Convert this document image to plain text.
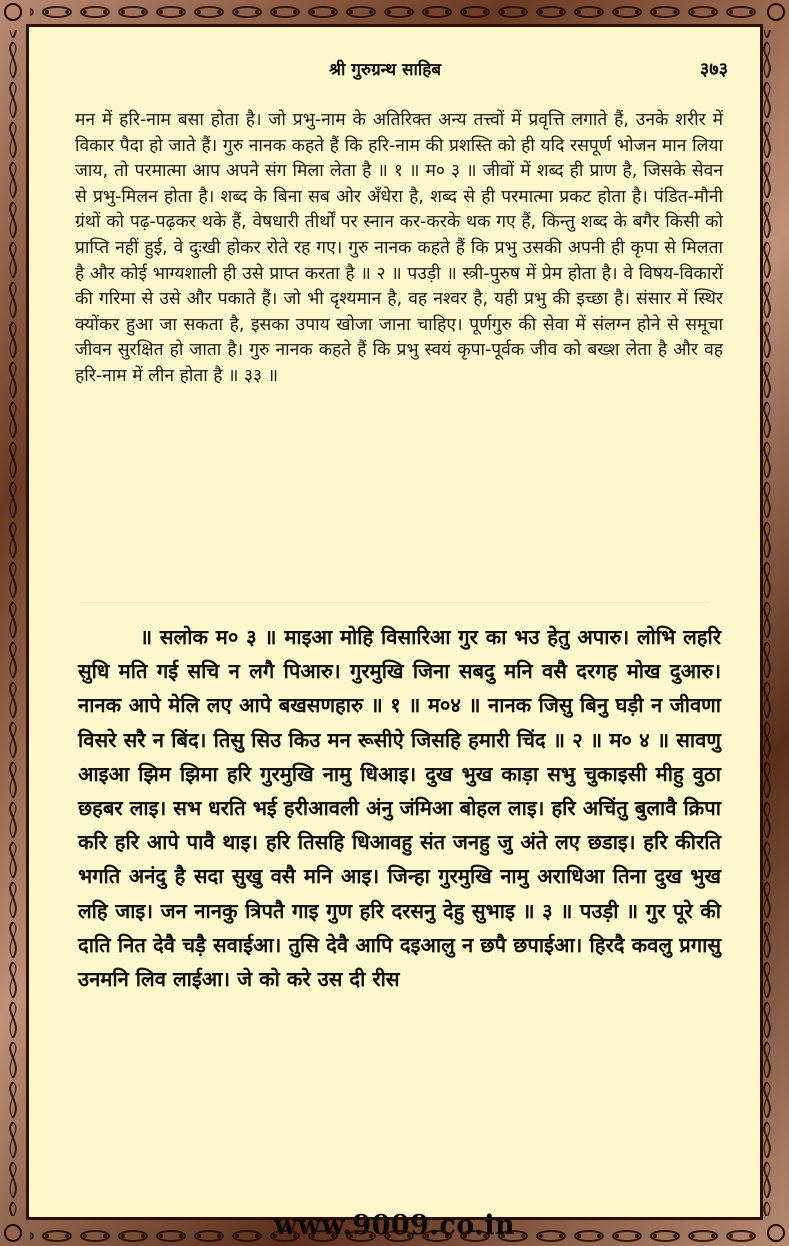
श्री गुरुग्रन्थ साहिब	३७३
मन में हरि-नाम बसा होता है। जो प्रभु-नाम के अतिरिक्त अन्य तत्त्वों में प्रवृत्ति लगाते हैं, उनके शरीर में विकार पैदा हो जाते हैं। गुरु नानक कहते हैं कि हरि-नाम की प्रशस्ति को ही यदि रसपूर्ण भोजन मान लिया जाय, तो परमात्मा आप अपने संग मिला लेता है ॥ १ ॥ म० ३ ॥ जीवों में शब्द ही प्राण है, जिसके सेवन से प्रभु-मिलन होता है। शब्द के बिना सब ओर अँधेरा है, शब्द से ही परमात्मा प्रकट होता है। पंडित-मौनी ग्रंथों को पढ़-पढ़कर थके हैं, वेषधारी तीर्थों पर स्नान कर-करके थक गए हैं, किन्तु शब्द के बगैर किसी को प्राप्ति नहीं हुई, वे दुःखी होकर रोते रह गए। गुरु नानक कहते हैं कि प्रभु उसकी अपनी ही कृपा से मिलता है और कोई भाग्यशाली ही उसे प्राप्त करता है ॥ २ ॥ पउड़ी ॥ स्त्री-पुरुष में प्रेम होता है। वे विषय-विकारों की गरिमा से उसे और पकाते हैं। जो भी दृश्यमान है, वह नश्वर है, यही प्रभु की इच्छा है। संसार में स्थिर क्योंकर हुआ जा सकता है, इसका उपाय खोजा जाना चाहिए। पूर्णगुरु की सेवा में संलग्न होने से समूचा जीवन सुरक्षित हो जाता है। गुरु नानक कहते हैं कि प्रभु स्वयं कृपा-पूर्वक जीव को बख्श लेता है और वह हरि-नाम में लीन होता है ॥ ३३ ॥
॥ सलोक म० ३ ॥ माइआ मोहि विसारिआ गुर का भउ हेतु अपारु। लोभि लहरि सुधि मति गई सचि न लगै पिआरु। गुरमुखि जिना सबदु मनि वसै दरगह मोख दुआरु। नानक आपे मेलि लए आपे बखसणहारु ॥ १ ॥ म०४ ॥ नानक जिसु बिनु घड़ी न जीवणा विसरे सरै न बिंद। तिसु सिउ किउ मन रूसीऐ जिसहि हमारी चिंद ॥ २ ॥ म० ४ ॥ सावणु आइआ झिम झिमा हरि गुरमुखि नामु धिआइ। दुख भुख काड़ा सभु चुकाइसी मीहु वुठा छहबर लाइ। सभ धरति भई हरीआवली अंनु जंमिआ बोहल लाइ। हरि अचिंतु बुलावै क्रिपा करि हरि आपे पावै थाइ। हरि तिसहि धिआवहु संत जनहु जु अंते लए छडाइ। हरि कीरति भगति अनंदु है सदा सुखु वसै मनि आइ। जिन्हा गुरमुखि नामु अराधिआ तिना दुख भुख लहि जाइ। जन नानकु त्रिपतै गाइ गुण हरि दरसनु देहु सुभाइ ॥ ३ ॥ पउड़ी ॥ गुर पूरे की दाति नित देवै चड़ै सवाईआ। तुसि देवै आपि दइआलु न छपै छपाईआ। हिरदै कवलु प्रगासु उनमनि लिव लाईआ। जे को करे उस दी रीस
www.9009.co.in
